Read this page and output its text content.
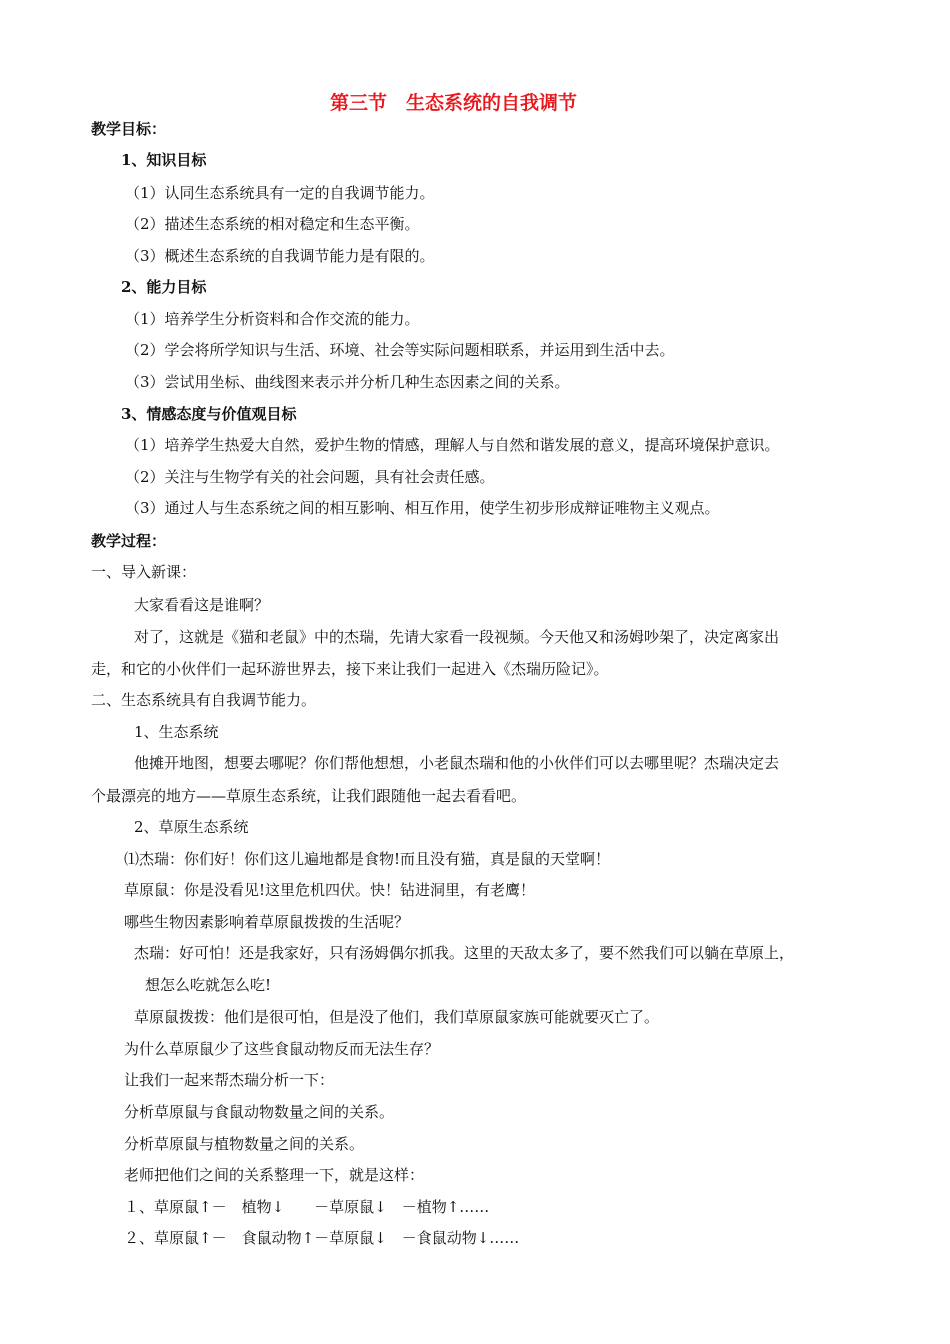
第三节　生态系统的自我调节
教学目标：
1、知识目标
（1）认同生态系统具有一定的自我调节能力。
（2）描述生态系统的相对稳定和生态平衡。
（3）概述生态系统的自我调节能力是有限的。
2、能力目标
（1）培养学生分析资料和合作交流的能力。
（2）学会将所学知识与生活、环境、社会等实际问题相联系，并运用到生活中去。
（3）尝试用坐标、曲线图来表示并分析几种生态因素之间的关系。
3、情感态度与价值观目标
（1）培养学生热爱大自然，爱护生物的情感，理解人与自然和谐发展的意义，提高环境保护意识。
（2）关注与生物学有关的社会问题，具有社会责任感。
（3）通过人与生态系统之间的相互影响、相互作用，使学生初步形成辩证唯物主义观点。
教学过程：
一、导入新课：
大家看看这是谁啊？
对了，这就是《猫和老鼠》中的杰瑞，先请大家看一段视频。今天他又和汤姆吵架了，决定离家出
走，和它的小伙伴们一起环游世界去，接下来让我们一起进入《杰瑞历险记》。
二、生态系统具有自我调节能力。
1、生态系统
他摊开地图，想要去哪呢？你们帮他想想，小老鼠杰瑞和他的小伙伴们可以去哪里呢？杰瑞决定去
个最漂亮的地方——草原生态系统，让我们跟随他一起去看看吧。
2、草原生态系统
⑴杰瑞：你们好！你们这儿遍地都是食物!而且没有猫，真是鼠的天堂啊！
草原鼠：你是没看见!这里危机四伏。快！钻进洞里，有老鹰！
哪些生物因素影响着草原鼠拨拨的生活呢？
杰瑞：好可怕！还是我家好，只有汤姆偶尔抓我。这里的天敌太多了，要不然我们可以躺在草原上，
想怎么吃就怎么吃!
草原鼠拨拨：他们是很可怕，但是没了他们，我们草原鼠家族可能就要灭亡了。
为什么草原鼠少了这些食鼠动物反而无法生存？
让我们一起来帮杰瑞分析一下：
分析草原鼠与食鼠动物数量之间的关系。
分析草原鼠与植物数量之间的关系。
老师把他们之间的关系整理一下，就是这样：
１、草原鼠↑－　植物↓　　－草原鼠↓　－植物↑……
２、草原鼠↑－　食鼠动物↑－草原鼠↓　－食鼠动物↓……
